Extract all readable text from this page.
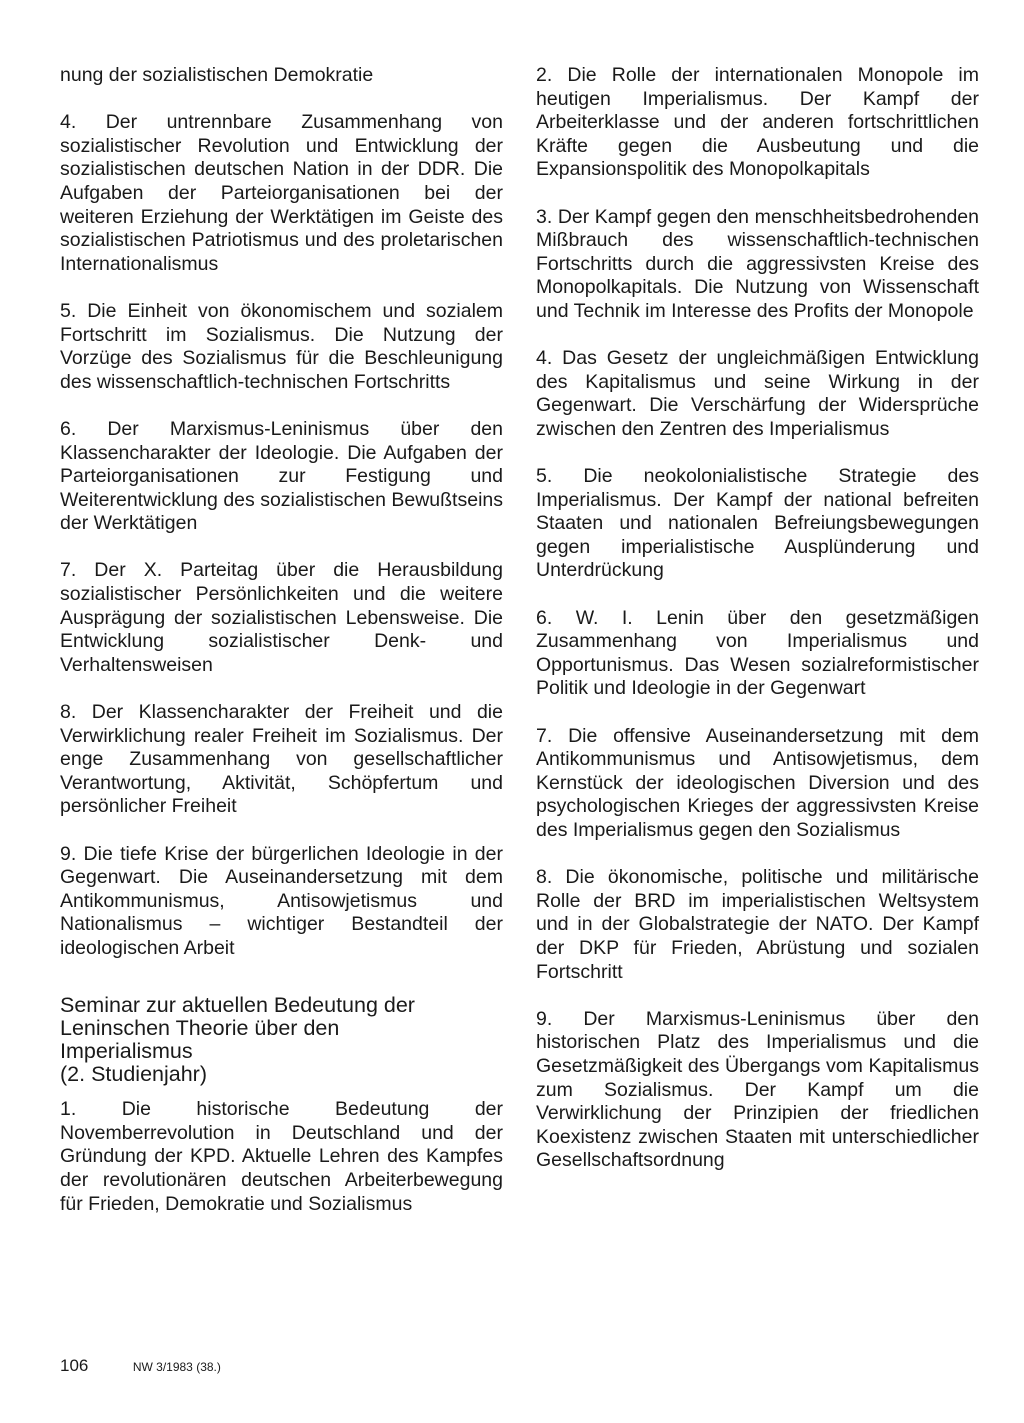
nung der sozialistischen Demokratie

4. Der untrennbare Zusammenhang von sozialistischer Revolution und Entwicklung der sozialistischen deutschen Nation in der DDR. Die Aufgaben der Parteiorganisationen bei der weiteren Erziehung der Werktätigen im Geiste des sozialistischen Patriotismus und des proletarischen Internationalismus

5. Die Einheit von ökonomischem und sozialem Fortschritt im Sozialismus. Die Nutzung der Vorzüge des Sozialismus für die Beschleunigung des wissenschaftlich-technischen Fortschritts

6. Der Marxismus-Leninismus über den Klassencharakter der Ideologie. Die Aufgaben der Parteiorganisationen zur Festigung und Weiterentwicklung des sozialistischen Bewußtseins der Werktätigen

7. Der X. Parteitag über die Herausbildung sozialistischer Persönlichkeiten und die weitere Ausprägung der sozialistischen Lebensweise. Die Entwicklung sozialistischer Denk- und Verhaltensweisen

8. Der Klassencharakter der Freiheit und die Verwirklichung realer Freiheit im Sozialismus. Der enge Zusammenhang von gesellschaftlicher Verantwortung, Aktivität, Schöpfertum und persönlicher Freiheit

9. Die tiefe Krise der bürgerlichen Ideologie in der Gegenwart. Die Auseinandersetzung mit dem Antikommunismus, Antisowjetismus und Nationalismus – wichtiger Bestandteil der ideologischen Arbeit

Seminar zur aktuellen Bedeutung der
Leninschen Theorie über den
Imperialismus
(2. Studienjahr)

1. Die historische Bedeutung der Novemberrevolution in Deutschland und der Gründung der KPD. Aktuelle Lehren des Kampfes der revolutionären deutschen Arbeiterbewegung für Frieden, Demokratie und Sozialismus

2. Die Rolle der internationalen Monopole im heutigen Imperialismus. Der Kampf der Arbeiterklasse und der anderen fortschrittlichen Kräfte gegen die Ausbeutung und die Expansionspolitik des Monopolkapitals

3. Der Kampf gegen den menschheitsbedrohenden Mißbrauch des wissenschaftlich-technischen Fortschritts durch die aggressivsten Kreise des Monopolkapitals. Die Nutzung von Wissenschaft und Technik im Interesse des Profits der Monopole

4. Das Gesetz der ungleichmäßigen Entwicklung des Kapitalismus und seine Wirkung in der Gegenwart. Die Verschärfung der Widersprüche zwischen den Zentren des Imperialismus

5. Die neokolonialistische Strategie des Imperialismus. Der Kampf der national befreiten Staaten und nationalen Befreiungsbewegungen gegen imperialistische Ausplünderung und Unterdrückung

6. W. I. Lenin über den gesetzmäßigen Zusammenhang von Imperialismus und Opportunismus. Das Wesen sozialreformistischer Politik und Ideologie in der Gegenwart

7. Die offensive Auseinandersetzung mit dem Antikommunismus und Antisowjetismus, dem Kernstück der ideologischen Diversion und des psychologischen Krieges der aggressivsten Kreise des Imperialismus gegen den Sozialismus

8. Die ökonomische, politische und militärische Rolle der BRD im imperialistischen Weltsystem und in der Globalstrategie der NATO. Der Kampf der DKP für Frieden, Abrüstung und sozialen Fortschritt

9. Der Marxismus-Leninismus über den historischen Platz des Imperialismus und die Gesetzmäßigkeit des Übergangs vom Kapitalismus zum Sozialismus. Der Kampf um die Verwirklichung der Prinzipien der friedlichen Koexistenz zwischen Staaten mit unterschiedlicher Gesellschaftsordnung

106	NW 3/1983 (38.)
